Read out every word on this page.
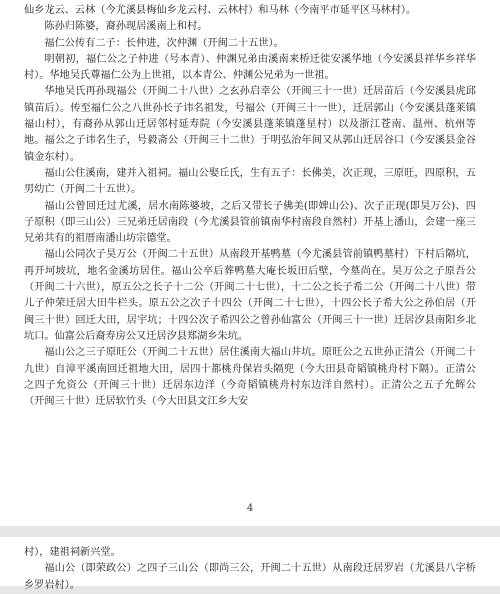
仙乡龙云、云林（今尤溪县梅仙乡龙云村、云林村）和马林（今南平市延平区马林村）。

陈孙归陈婆，裔孙现居溪南上和村。

福仁公传有二子：长仲进，次仲渊（开闽二十五世）。

明朝初，福仁公之子仲进（号本青）、仲渊兄弟由溪南来桥迁徙安溪华地（今安溪县祥华乡祥华村）。华地吴氏尊福仁公为上世祖，以本青公、仲渊公兄弟为一世祖。

华地吴氏再孙现福公（开闽二十八世）之玄孙启幸公（开闽三十一世）迁居苗后（今安溪县虎邱镇苗后）。传至福仁公之八世孙长子讳名祖发，号福公（开闽三十一世），迁居郭山（今安溪县蓬莱镇福山村），有裔孙从郭山迁居邻村延寿院（今安溪县蓬莱镇蓬星村）以及浙江苍南、温州、杭州等地。福公之子讳名生子，号毅斋公（开闽三十二世）于明弘治年间又从郭山迁居谷口（今安溪县金谷镇金东村）。

福山公住溪南，建并入祖祠。福山公娶丘氏，生有五子：长佛美，次正现，三原旺，四原积，五男幼亡（开闽二十五世）。

福山公曾回迁过尤溪，居水南陈婆坡，之后又带长子佛美(即婢山公)、次子正现(即昊万公)、四子原积（即三山公）三兄弟迁居南段（今尤溪县管前镇南华村南段自然村）开基上潘山，会建一座三兄弟共有的祖厝南潘山坊宗德堂。

福山公同次子昊万公（开闽二十五世）从南段开基鸭墓（今尤溪县管前镇鸭墓村）下村后隔坑，再开坷坡坑，地名金溪坊居住。福山公卒后葬鸭墓大庵长坂田后壁，今墓尚在。昊万公之子原吾公（开闽二十六世），原五公之长子十二公（开闽二十七世），十二公之长子希二公（开闽二十八世）带儿子仲荣迁居大田牛栏头。原五公之次子十四公（开闽二十七世），十四公长子希大公之孙伯居（开闽三十世）回迁大田，居宇坑；十四公次子希四公之曾孙仙富公（开闽三十一世）迁居汐县南阳乡北坑口。仙富公后裔寿房公又迁居汐县郑湖乡朱坑。

福山公之三子原旺公（开闽二十五世）居住溪南大福山井坑。原旺公之五世孙正清公（开闽二十九世）自漳平溪南回迁祖地大田，居四十都桃舟保岩头隔兜（今大田县奇韬镇桃舟村下隔）。正清公之四子允资公（开闽三十世）迁居东边洋（今奇韬镇桃舟村东边洋自然村）。正清公之五子允辉公（开闽三十世）迁居软竹头（今大田县文江乡大安

4

村），建祖祠新兴堂。

福山公（即荣政公）之四子三山公（即尚三公，开闽二十五世）从南段迁居罗岩（尤溪县八字桥乡罗岩村）。
